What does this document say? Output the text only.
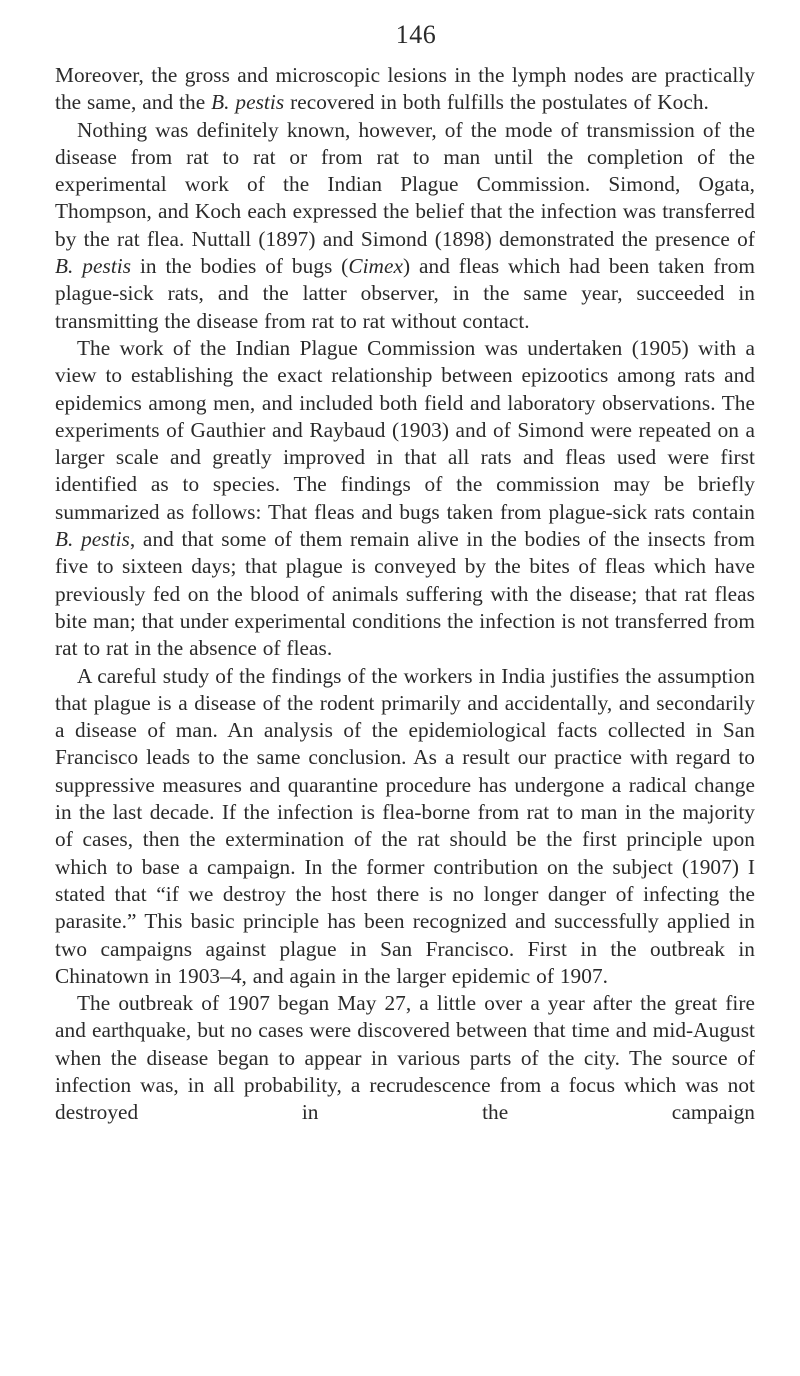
146

Moreover, the gross and microscopic lesions in the lymph nodes are practically the same, and the B. pestis recovered in both fulfills the postulates of Koch.

Nothing was definitely known, however, of the mode of transmission of the disease from rat to rat or from rat to man until the completion of the experimental work of the Indian Plague Commission. Simond, Ogata, Thompson, and Koch each expressed the belief that the infection was transferred by the rat flea. Nuttall (1897) and Simond (1898) demonstrated the presence of B. pestis in the bodies of bugs (Cimex) and fleas which had been taken from plague-sick rats, and the latter observer, in the same year, succeeded in transmitting the disease from rat to rat without contact.

The work of the Indian Plague Commission was undertaken (1905) with a view to establishing the exact relationship between epizootics among rats and epidemics among men, and included both field and laboratory observations. The experiments of Gauthier and Raybaud (1903) and of Simond were repeated on a larger scale and greatly improved in that all rats and fleas used were first identified as to species. The findings of the commission may be briefly summarized as follows: That fleas and bugs taken from plague-sick rats contain B. pestis, and that some of them remain alive in the bodies of the insects from five to sixteen days; that plague is conveyed by the bites of fleas which have previously fed on the blood of animals suffering with the disease; that rat fleas bite man; that under experimental conditions the infection is not transferred from rat to rat in the absence of fleas.

A careful study of the findings of the workers in India justifies the assumption that plague is a disease of the rodent primarily and accidentally, and secondarily a disease of man. An analysis of the epidemiological facts collected in San Francisco leads to the same conclusion. As a result our practice with regard to suppressive measures and quarantine procedure has undergone a radical change in the last decade. If the infection is flea-borne from rat to man in the majority of cases, then the extermination of the rat should be the first principle upon which to base a campaign. In the former contribution on the subject (1907) I stated that “if we destroy the host there is no longer danger of infecting the parasite.” This basic principle has been recognized and successfully applied in two campaigns against plague in San Francisco. First in the outbreak in Chinatown in 1903–4, and again in the larger epidemic of 1907.

The outbreak of 1907 began May 27, a little over a year after the great fire and earthquake, but no cases were discovered between that time and mid-August when the disease began to appear in various parts of the city. The source of infection was, in all probability, a recrudescence from a focus which was not destroyed in the campaign
